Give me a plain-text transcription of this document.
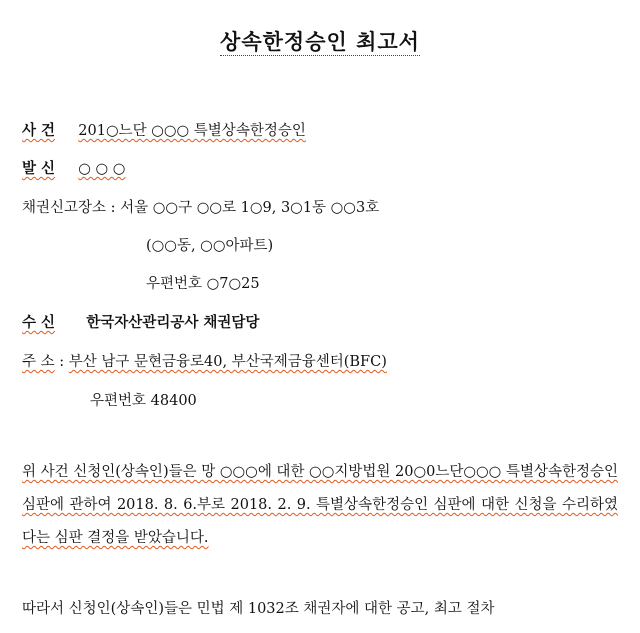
상속한정승인 최고서
사 건 201○느단 ○○○ 특별상속한정승인
발 신 ○ ○ ○
채권신고장소 : 서울 ○○구 ○○로 1○9, 3○1동 ○○3호
(○○동, ○○아파트)
우편번호 ○7○25
수 신 한국자산관리공사 채권담당
주 소 : 부산 남구 문현금융로40, 부산국제금융센터(BFC)
우편번호 48400
위 사건 신청인(상속인)들은 망 ○○○에 대한 ○○지방법원 20○0느단○○○ 특별상속한정승인 심판에 관하여 2018. 8. 6.부로 2018. 2. 9. 특별상속한정승인 심판에 대한 신청을 수리하였다는 심판 결정을 받았습니다.
따라서 신청인(상속인)들은 민법 제 1032조 채권자에 대한 공고, 최고 절차
